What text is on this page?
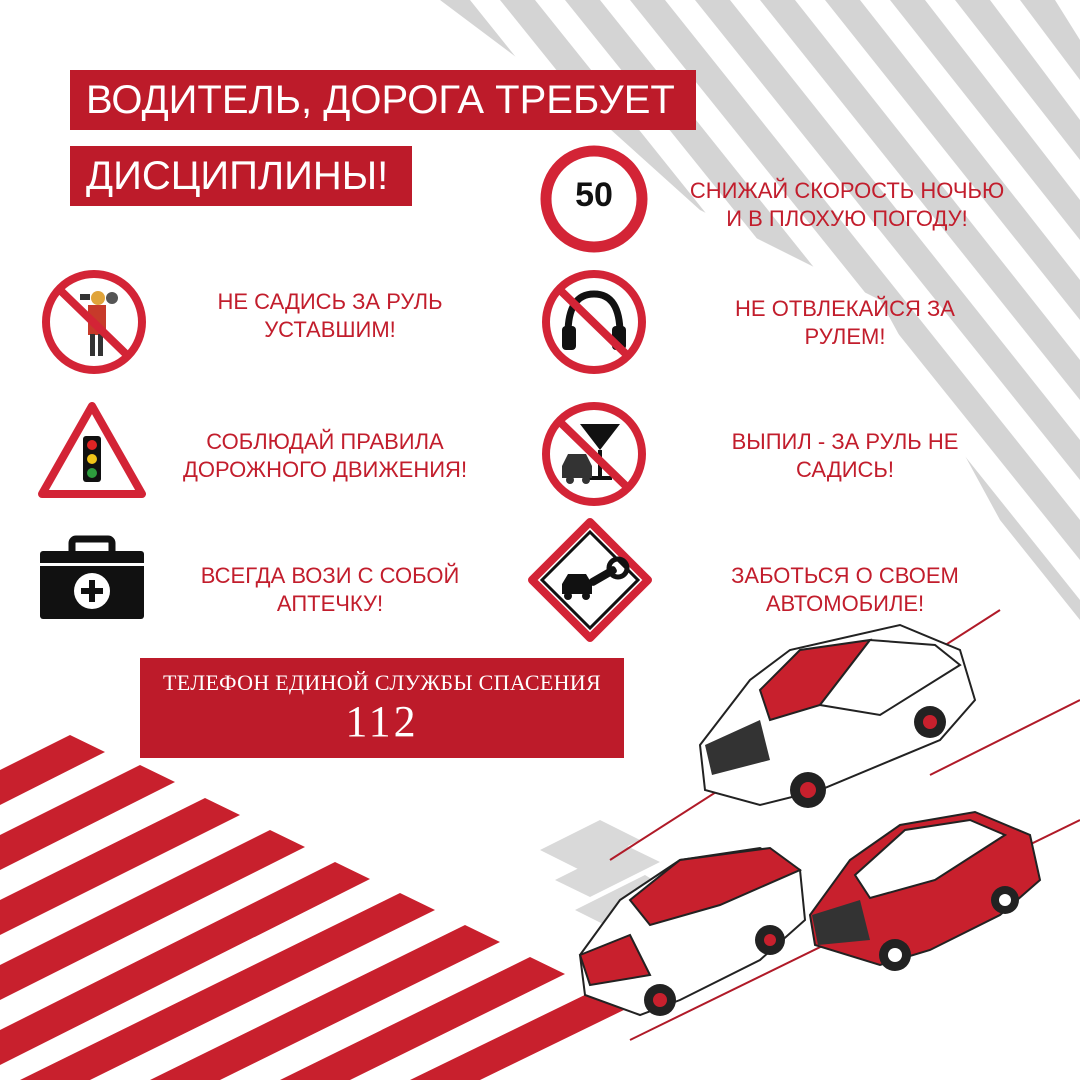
ВОДИТЕЛЬ, ДОРОГА ТРЕБУЕТ
ДИСЦИПЛИНЫ!	50	СНИЖАЙ СКОРОСТЬ НОЧЬЮ
И В ПЛОХУЮ ПОГОДУ!
НЕ САДИСЬ ЗА РУЛЬ
УСТАВШИМ!
НЕ ОТВЛЕКАЙСЯ ЗА
РУЛЕМ!
СОБЛЮДАЙ ПРАВИЛА
ДОРОЖНОГО ДВИЖЕНИЯ!
ВЫПИЛ - ЗА РУЛЬ НЕ
САДИСЬ!
ВСЕГДА ВОЗИ С СОБОЙ
АПТЕЧКУ!
ЗАБОТЬСЯ О СВОЕМ
АВТОМОБИЛЕ!
ТЕЛЕФОН ЕДИНОЙ СЛУЖБЫ СПАСЕНИЯ
112
